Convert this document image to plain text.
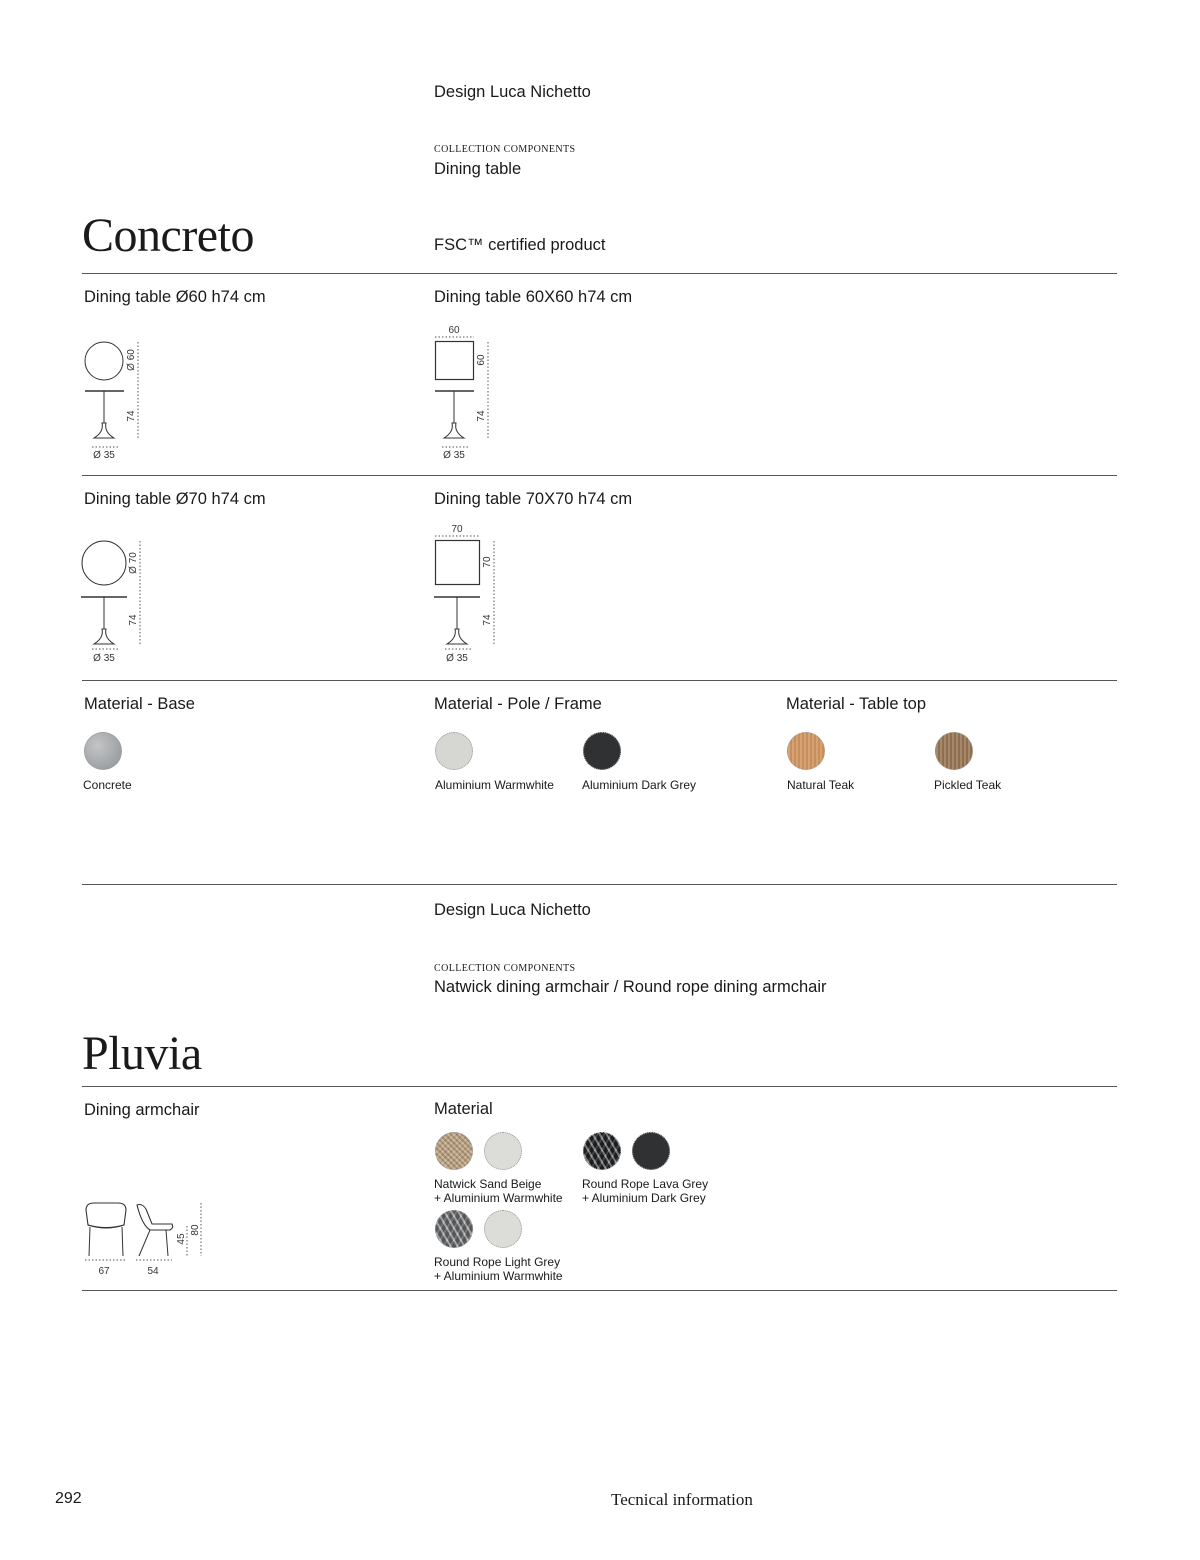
Design Luca Nichetto
COLLECTION COMPONENTS
Dining table
Concreto	FSC™ certified product
Dining table Ø60 h74 cm	Dining table 60X60 h74 cm
Ø 60
74
Ø 35
60
60
74
Ø 35
Dining table Ø70 h74 cm	Dining table 70X70 h74 cm
Ø 70
74
Ø 35
70
70
74
Ø 35
Material - Base	Material - Pole / Frame	Material - Table top
Concrete	Aluminium Warmwhite Aluminium Dark Grey	Natural Teak	Pickled Teak
Design Luca Nichetto
COLLECTION COMPONENTS
Natwick dining armchair / Round rope dining armchair
Pluvia
Dining armchair	Material
67	54
45
80
Natwick Sand Beige
+ Aluminium Warmwhite
Round Rope Lava Grey
+ Aluminium Dark Grey
Round Rope Light Grey
+ Aluminium Warmwhite
292	Tecnical information
